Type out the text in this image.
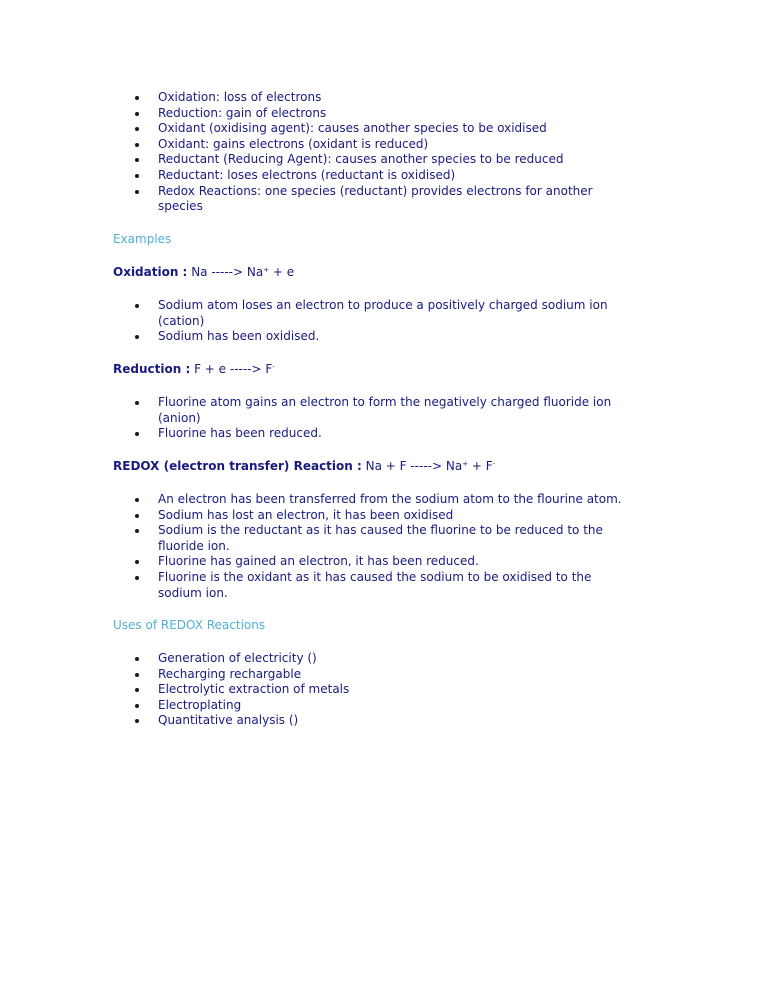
Oxidation: loss of electrons
Reduction: gain of electrons
Oxidant (oxidising agent): causes another species to be oxidised
Oxidant: gains electrons (oxidant is reduced)
Reductant (Reducing Agent): causes another species to be reduced
Reductant: loses electrons (reductant is oxidised)
Redox Reactions: one species (reductant) provides electrons for another species
Examples
Oxidation : Na -----> Na+ + e
Sodium atom loses an electron to produce a positively charged sodium ion (cation)
Sodium has been oxidised.
Reduction : F + e -----> F-
Fluorine atom gains an electron to form the negatively charged fluoride ion (anion)
Fluorine has been reduced.
REDOX (electron transfer) Reaction : Na + F -----> Na+ + F-
An electron has been transferred from the sodium atom to the flourine atom.
Sodium has lost an electron, it has been oxidised
Sodium is the reductant as it has caused the fluorine to be reduced to the fluoride ion.
Fluorine has gained an electron, it has been reduced.
Fluorine is the oxidant as it has caused the sodium to be oxidised to the sodium ion.
Uses of REDOX Reactions
Generation of electricity ()
Recharging rechargable
Electrolytic extraction of metals
Electroplating
Quantitative analysis ()
